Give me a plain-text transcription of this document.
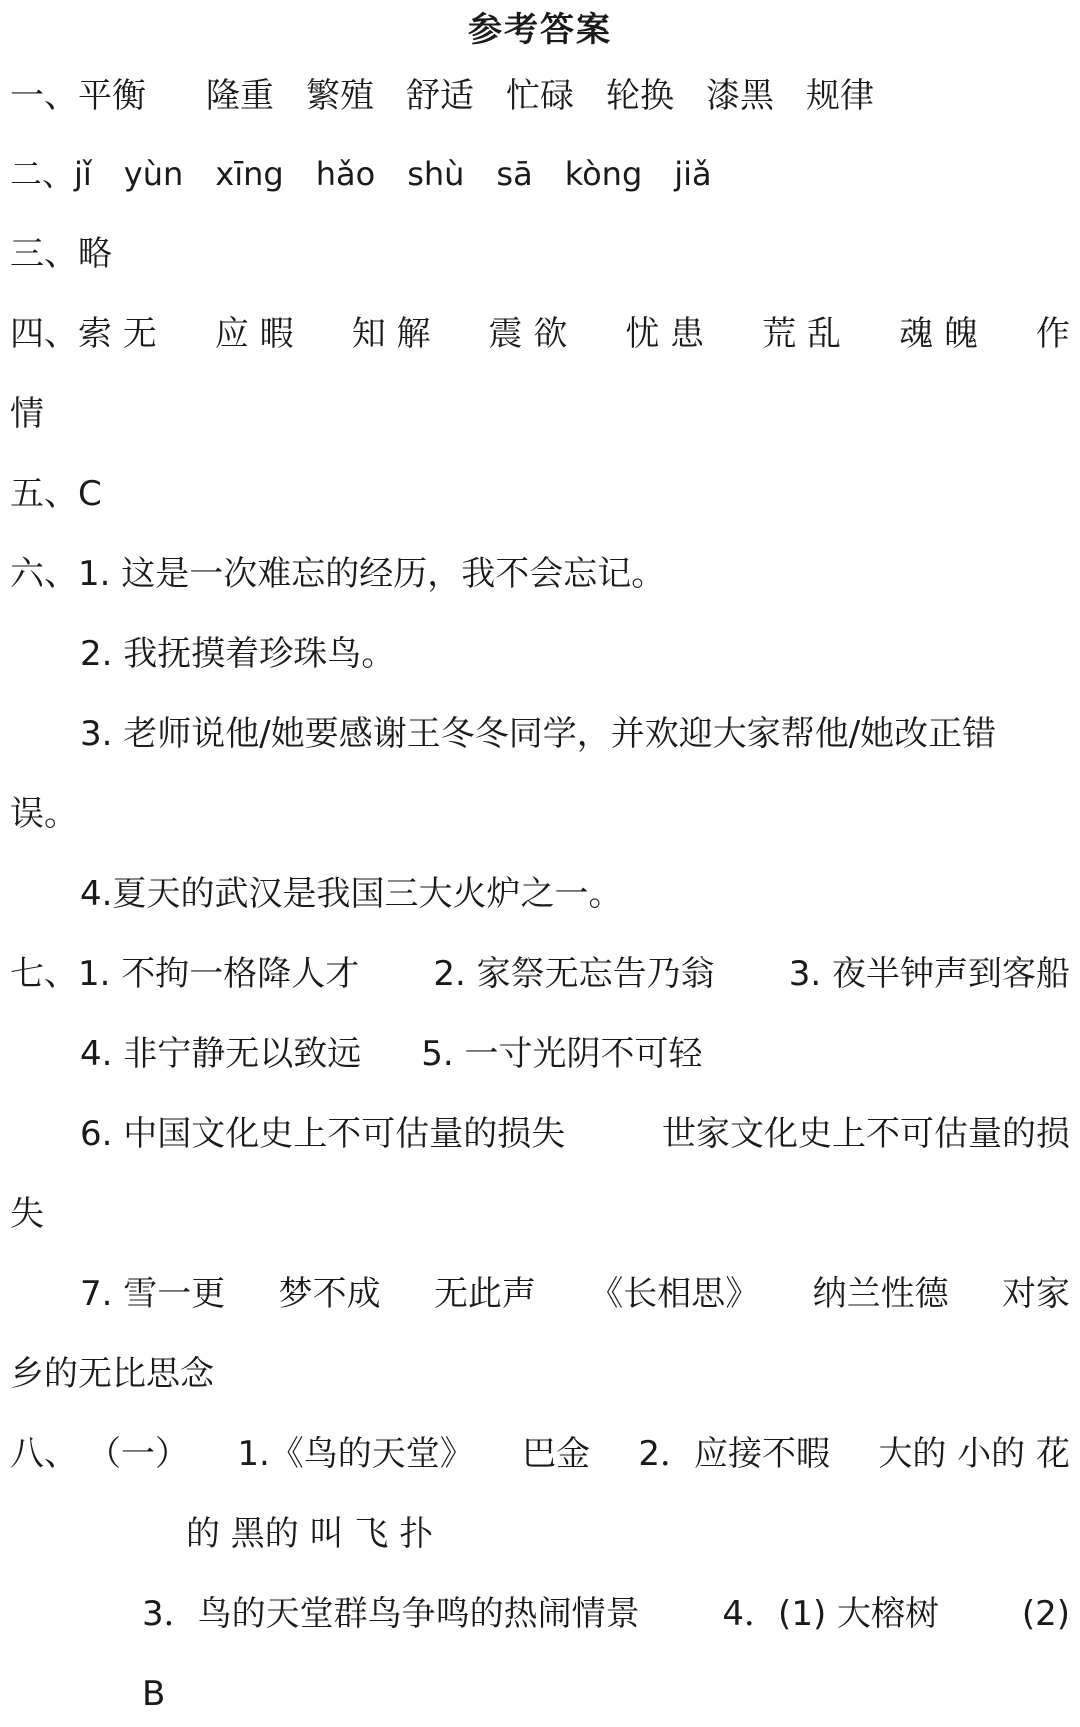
参考答案
一、平衡 隆重 繁殖 舒适 忙碌 轮换 漆黑 规律
二、jǐ yùn xīng hǎo shù sā kòng jiǎ
三、略
四、索 无 应 暇 知 解 震 欲 忧 患 荒 乱 魂 魄 作
情
五、C
六、1. 这是一次难忘的经历，我不会忘记。
2. 我抚摸着珍珠鸟。
3. 老师说他/她要感谢王冬冬同学，并欢迎大家帮他/她改正错
误。
4.夏天的武汉是我国三大火炉之一。
七、1. 不拘一格降人才 2. 家祭无忘告乃翁 3. 夜半钟声到客船
4. 非宁静无以致远 5. 一寸光阴不可轻
6. 中国文化史上不可估量的损失	世家文化史上不可估量的损
失
7. 雪一更 梦不成 无此声 《长相思》 纳兰性德 对家
乡的无比思念
八、 （一） 1.《鸟的天堂》 巴金 2．应接不暇 大的 小的 花
的 黑的 叫 飞 扑
3．鸟的天堂群鸟争鸣的热闹情景 4．(1) 大榕树 (2)
B
